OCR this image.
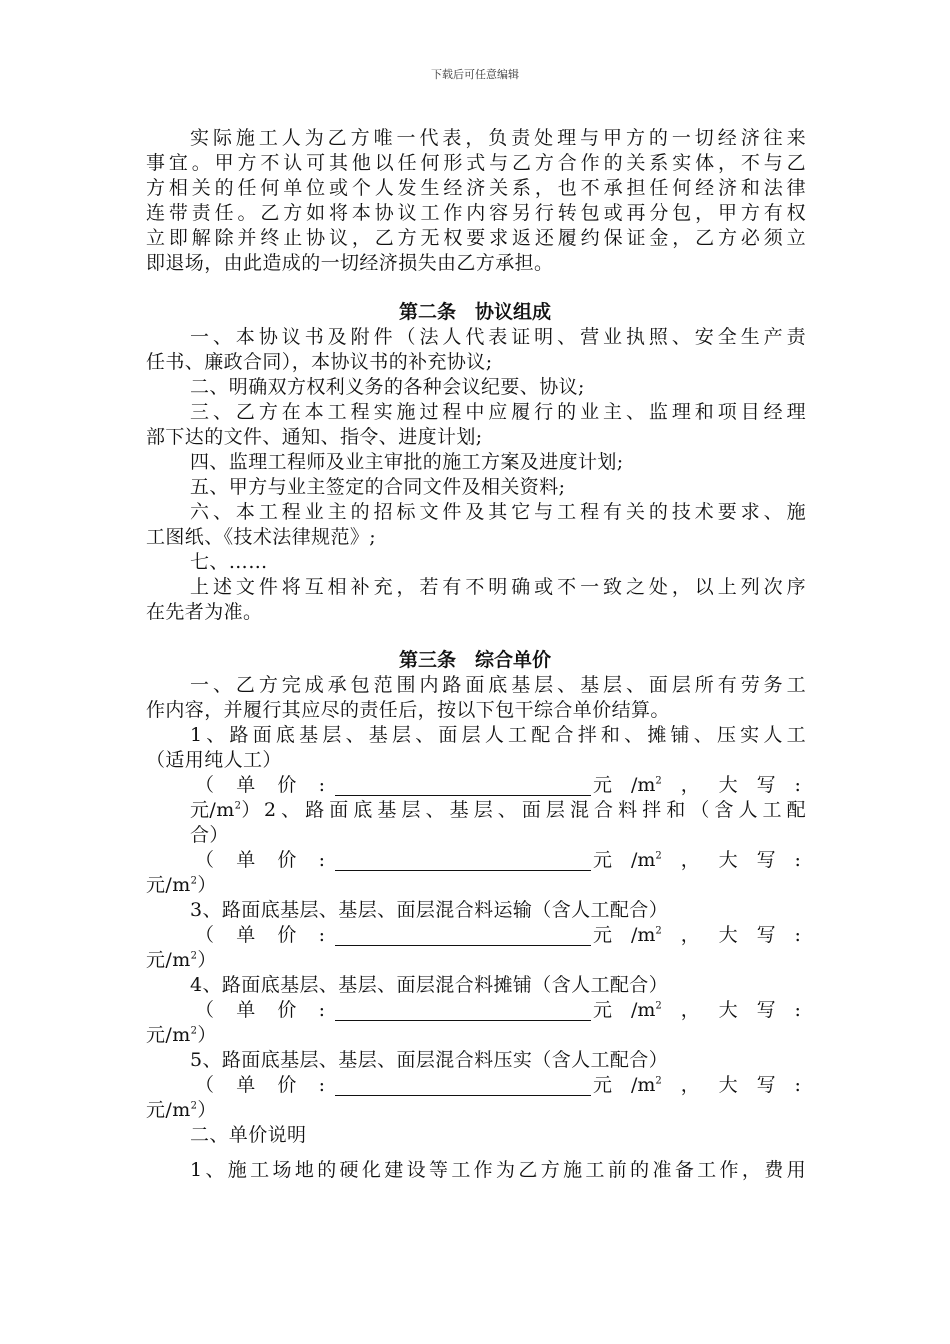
下载后可任意编辑
实际施工人为乙方唯一代表，负责处理与甲方的一切经济往来
事宜。甲方不认可其他以任何形式与乙方合作的关系实体，不与乙
方相关的任何单位或个人发生经济关系，也不承担任何经济和法律
连带责任。乙方如将本协议工作内容另行转包或再分包，甲方有权
立即解除并终止协议，乙方无权要求返还履约保证金，乙方必须立
即退场，由此造成的一切经济损失由乙方承担。
第二条　协议组成
一、本协议书及附件（法人代表证明、营业执照、安全生产责
任书、廉政合同），本协议书的补充协议;
二、明确双方权利义务的各种会议纪要、协议;
三、乙方在本工程实施过程中应履行的业主、监理和项目经理
部下达的文件、通知、指令、进度计划;
四、监理工程师及业主审批的施工方案及进度计划;
五、甲方与业主签定的合同文件及相关资料;
六、本工程业主的招标文件及其它与工程有关的技术要求、施
工图纸、《技术法律规范》;
七、……
上述文件将互相补充，若有不明确或不一致之处，以上列次序
在先者为准。
第三条　综合单价
一、乙方完成承包范围内路面底基层、基层、面层所有劳务工
作内容，并履行其应尽的责任后，按以下包干综合单价结算。
1、路面底基层、基层、面层人工配合拌和、摊铺、压实人工
（适用纯人工）
（ 单 价 :	元 $/m^2$ ， 大 写 :
元$/m^2$） 2、路面底基层、基层、面层混合料拌和（含人工配
合）
（ 单 价 :	元 $/m^2$ ， 大 写 :
元$/m^2$）
3、路面底基层、基层、面层混合料运输（含人工配合）
（ 单 价 :	元 $/m^2$ ， 大 写 :
元$/m^2$）
4、路面底基层、基层、面层混合料摊铺（含人工配合）
（ 单 价 :	元 $/m^2$ ， 大 写 :
元$/m^2$）
5、路面底基层、基层、面层混合料压实（含人工配合）
（ 单 价 :	元 $/m^2$ ， 大 写 :
元$/m^2$）
二、单价说明
1、施工场地的硬化建设等工作为乙方施工前的准备工作，费用
